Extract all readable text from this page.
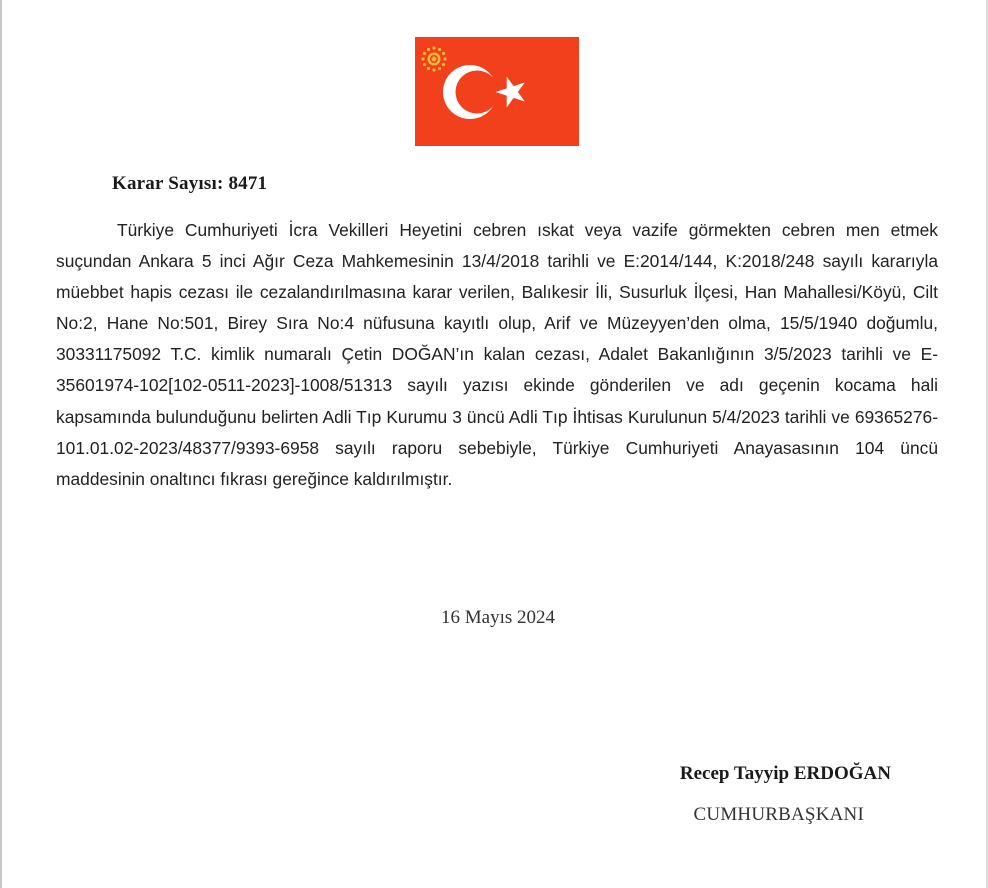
Karar Sayısı: 8471

Türkiye Cumhuriyeti İcra Vekilleri Heyetini cebren ıskat veya vazife görmekten cebren men etmek suçundan Ankara 5 inci Ağır Ceza Mahkemesinin 13/4/2018 tarihli ve E:2014/144, K:2018/248 sayılı kararıyla müebbet hapis cezası ile cezalandırılmasına karar verilen, Balıkesir İli, Susurluk İlçesi, Han Mahallesi/Köyü, Cilt No:2, Hane No:501, Birey Sıra No:4 nüfusuna kayıtlı olup, Arif ve Müzeyyen’den olma, 15/5/1940 doğumlu, 30331175092 T.C. kimlik numaralı Çetin DOĞAN’ın kalan cezası, Adalet Bakanlığının 3/5/2023 tarihli ve E-35601974-102[102-0511-2023]-1008/51313 sayılı yazısı ekinde gönderilen ve adı geçenin kocama hali kapsamında bulunduğunu belirten Adli Tıp Kurumu 3 üncü Adli Tıp İhtisas Kurulunun 5/4/2023 tarihli ve 69365276-101.01.02-2023/48377/9393-6958 sayılı raporu sebebiyle, Türkiye Cumhuriyeti Anayasasının 104 üncü maddesinin onaltıncı fıkrası gereğince kaldırılmıştır.

16 Mayıs 2024
Recep Tayyip ERDOĞAN
CUMHURBAŞKANI
